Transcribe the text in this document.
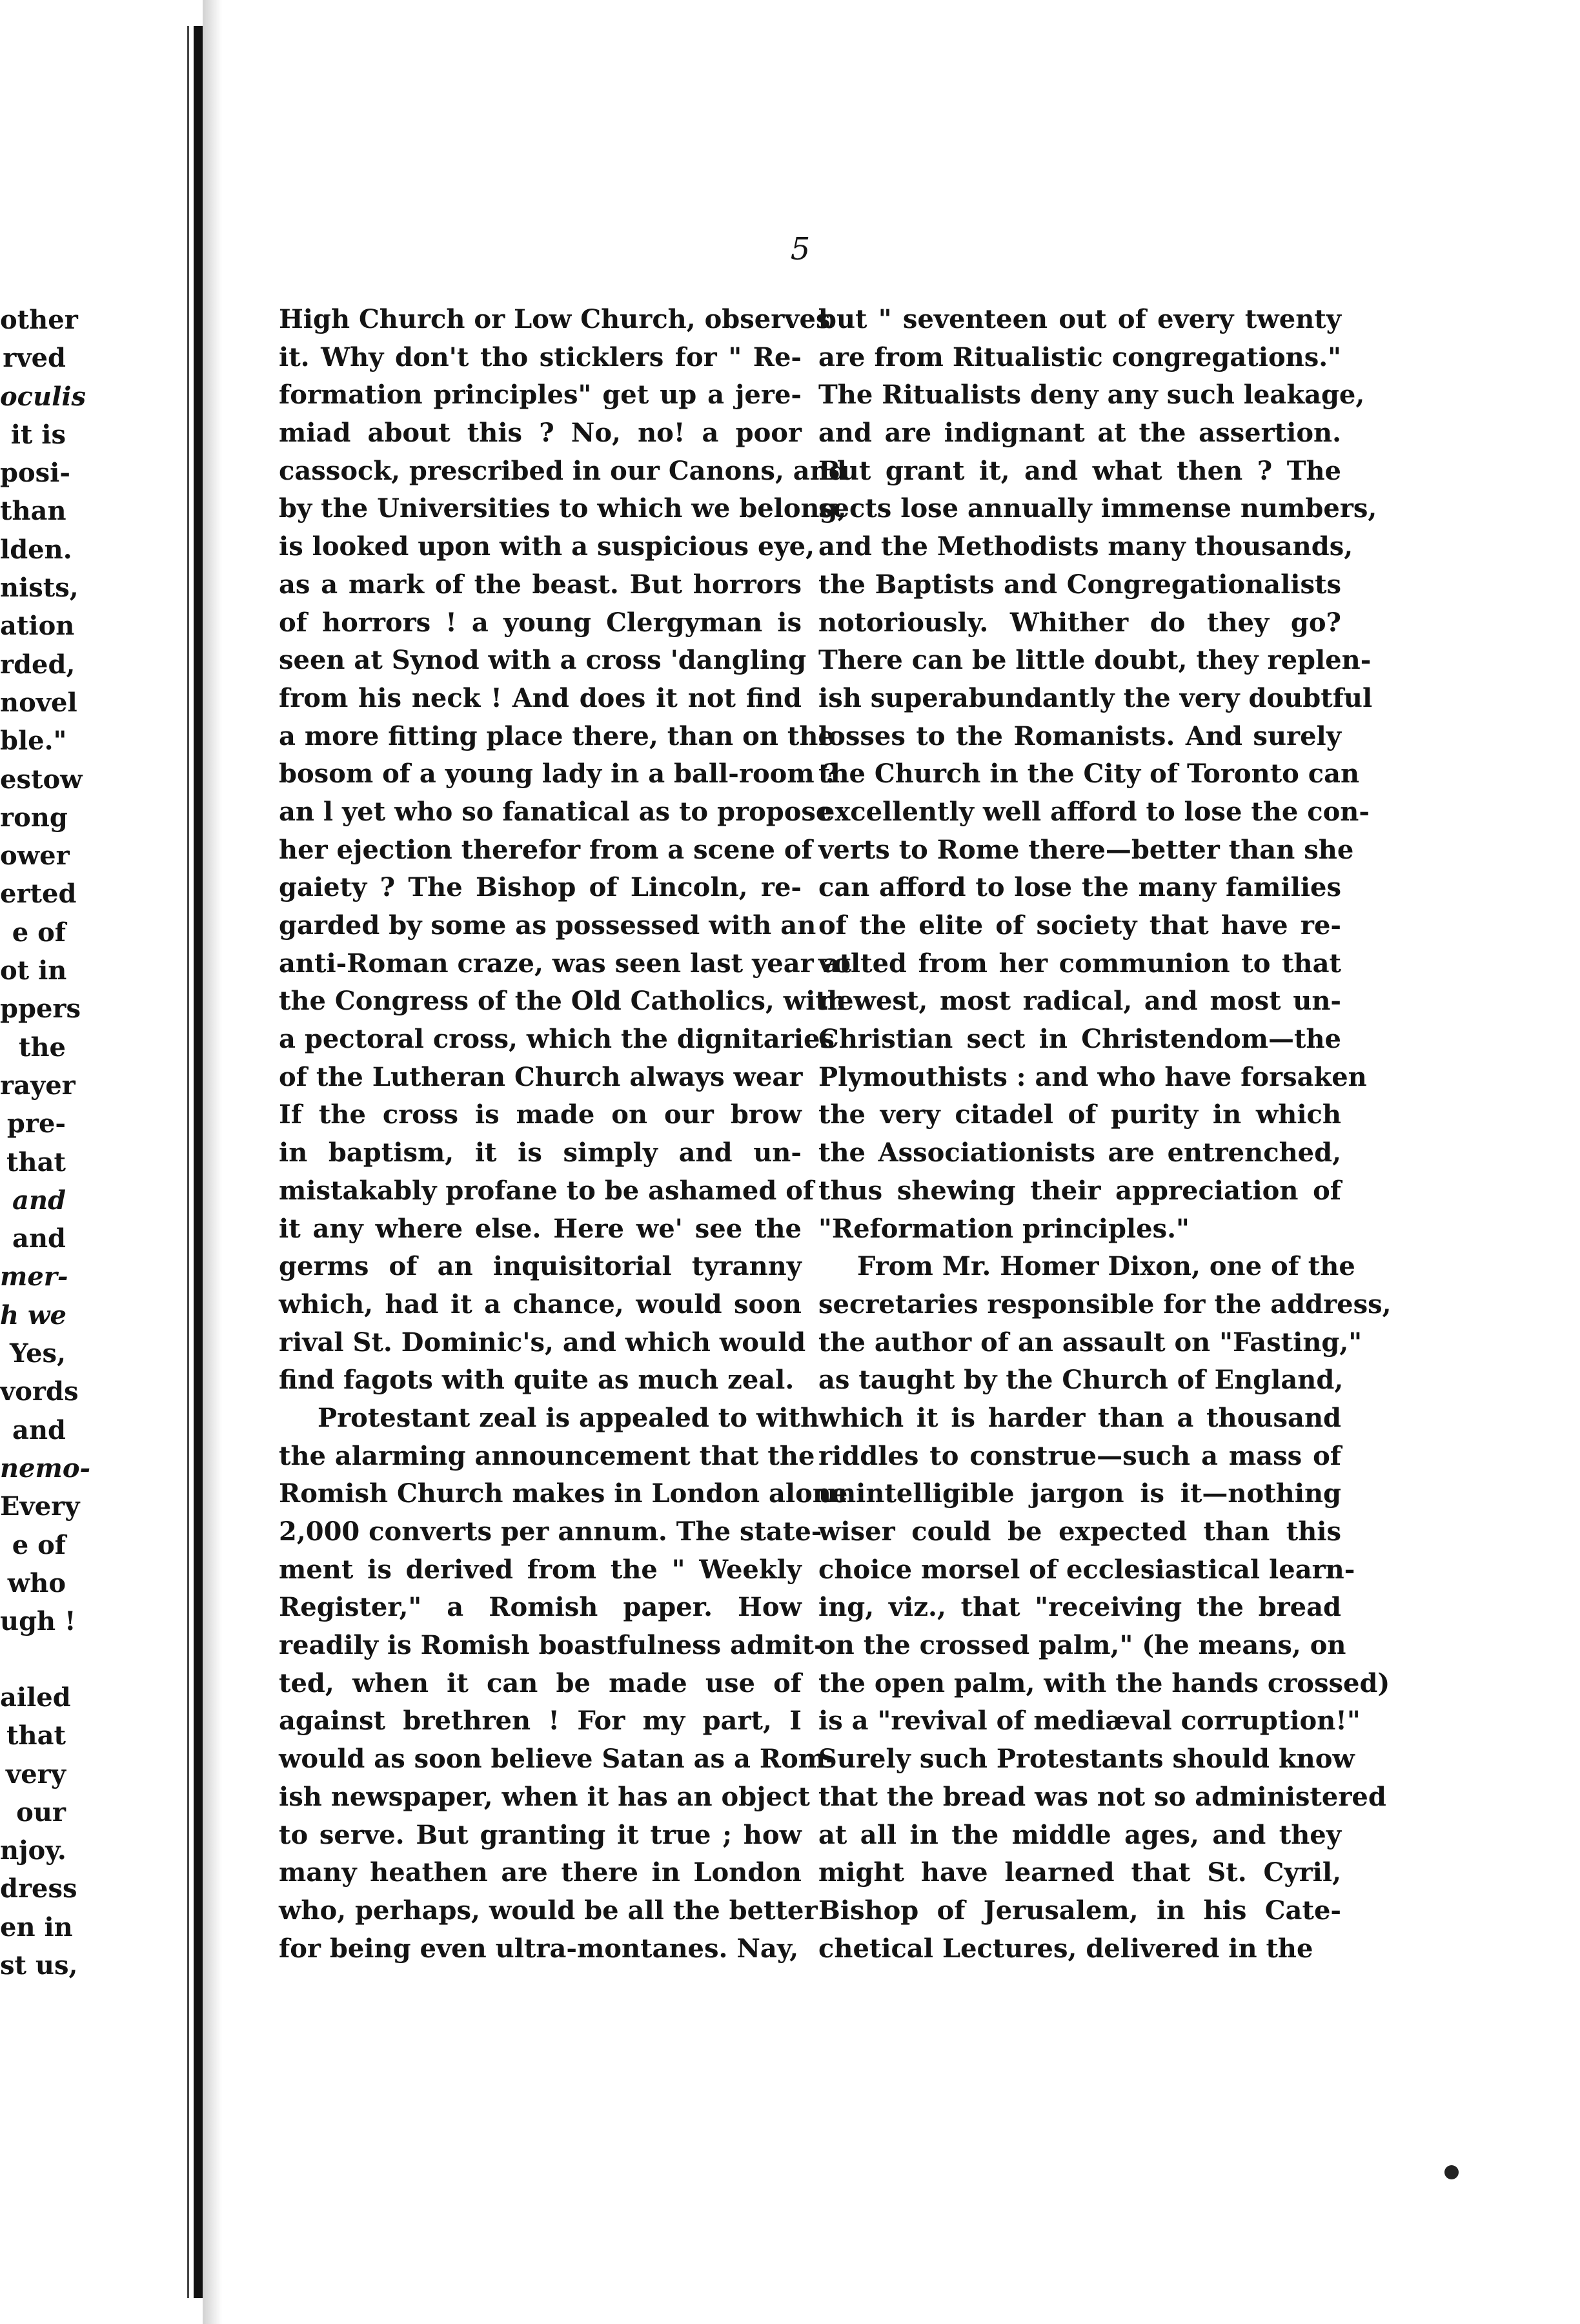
other
rved
oculis
it is
posi-
than
lden.
nists,
ation
rded,
novel
ble."
estow
rong
ower
erted
e of
ot in
ppers
the
rayer
pre-
that
and
and
mer-
h we
Yes,
vords
and
nemo-
Every
e of
who
ugh !
ailed
that
very
our
njoy.
dress
en in
st us,
5
High Church or Low Church, observes
it. Why don't tho sticklers for " Re-
formation principles" get up a jere-
miad about this ? No, no! a poor
cassock, prescribed in our Canons, and
by the Universities to which we belong,
is looked upon with a suspicious eye,
as a mark of the beast. But horrors
of horrors ! a young Clergyman is
seen at Synod with a cross 'dangling
from his neck ! And does it not find
a more fitting place there, than on the
bosom of a young lady in a ball-room ?
an l yet who so fanatical as to propose
her ejection therefor from a scene of
gaiety ? The Bishop of Lincoln, re-
garded by some as possessed with an
anti-Roman craze, was seen last year at
the Congress of the Old Catholics, with
a pectoral cross, which the dignitaries
of the Lutheran Church always wear
If the cross is made on our brow
in baptism, it is simply and un-
mistakably profane to be ashamed of
it any where else. Here we' see the
germs of an inquisitorial tyranny
which, had it a chance, would soon
rival St. Dominic's, and which would
find fagots with quite as much zeal.
Protestant zeal is appealed to with
the alarming announcement that the
Romish Church makes in London alone
2,000 converts per annum. The state-
ment is derived from the " Weekly
Register," a Romish paper. How
readily is Romish boastfulness admit-
ted, when it can be made use of
against brethren ! For my part, I
would as soon believe Satan as a Rom-
ish newspaper, when it has an object
to serve. But granting it true ; how
many heathen are there in London
who, perhaps, would be all the better
for being even ultra-montanes. Nay,
but " seventeen out of every twenty
are from Ritualistic congregations."
The Ritualists deny any such leakage,
and are indignant at the assertion.
But grant it, and what then ? The
sects lose annually immense numbers,
and the Methodists many thousands,
the Baptists and Congregationalists
notoriously. Whither do they go?
There can be little doubt, they replen-
ish superabundantly the very doubtful
losses to the Romanists. And surely
the Church in the City of Toronto can
excellently well afford to lose the con-
verts to Rome there—better than she
can afford to lose the many families
of the elite of society that have re-
volted from her communion to that
newest, most radical, and most un-
Christian sect in Christendom—the
Plymouthists : and who have forsaken
the very citadel of purity in which
the Associationists are entrenched,
thus shewing their appreciation of
"Reformation principles."
From Mr. Homer Dixon, one of the
secretaries responsible for the address,
the author of an assault on "Fasting,"
as taught by the Church of England,
which it is harder than a thousand
riddles to construe—such a mass of
unintelligible jargon is it—nothing
wiser could be expected than this
choice morsel of ecclesiastical learn-
ing, viz., that "receiving the bread
on the crossed palm," (he means, on
the open palm, with the hands crossed)
is a "revival of mediæval corruption!"
Surely such Protestants should know
that the bread was not so administered
at all in the middle ages, and they
might have learned that St. Cyril,
Bishop of Jerusalem, in his Cate-
chetical Lectures, delivered in the
